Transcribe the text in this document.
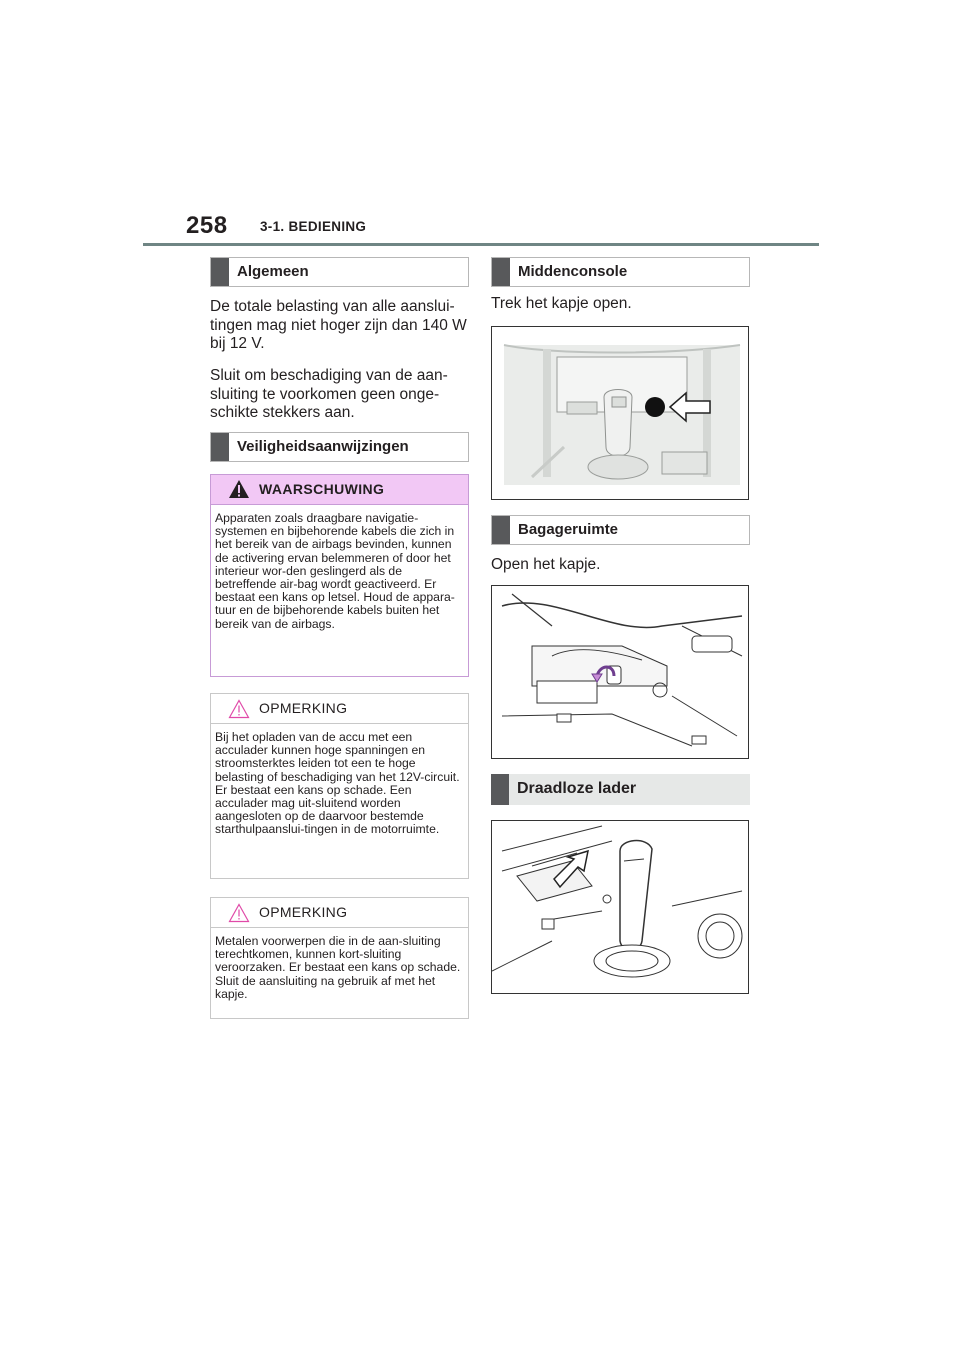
258 3-1. BEDIENING
Algemeen
De totale belasting van alle aanslui-tingen mag niet hoger zijn dan 140 W bij 12 V.
Sluit om beschadiging van de aan-sluiting te voorkomen geen onge-schikte stekkers aan.
Veiligheidsaanwijzingen
WAARSCHUWING
Apparaten zoals draagbare navigatie-systemen en bijbehorende kabels die zich in het bereik van de airbags bevinden, kunnen de activering ervan belemmeren of door het interieur wor-den geslingerd als de betreffende air-bag wordt geactiveerd. Er bestaat een kans op letsel. Houd de appara-tuur en de bijbehorende kabels buiten het bereik van de airbags.
OPMERKING
Bij het opladen van de accu met een acculader kunnen hoge spanningen en stroomsterktes leiden tot een te hoge belasting of beschadiging van het 12V-circuit. Er bestaat een kans op schade. Een acculader mag uit-sluitend worden aangesloten op de daarvoor bestemde starthulpaanslui-tingen in de motorruimte.
OPMERKING
Metalen voorwerpen die in de aan-sluiting terechtkomen, kunnen kort-sluiting veroorzaken. Er bestaat een kans op schade. Sluit de aansluiting na gebruik af met het kapje.
Middenconsole
Trek het kapje open.
Bagageruimte
Open het kapje.
Draadloze lader
